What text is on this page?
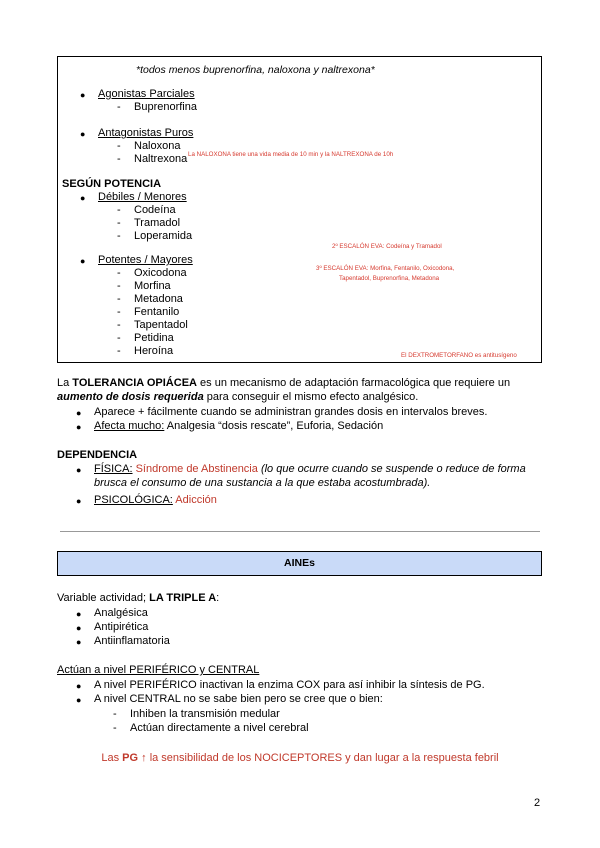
*todos menos buprenorfina, naloxona y naltrexona*
● Agonistas Parciales
- Buprenorfina
● Antagonistas Puros
- Naloxona
- Naltrexona La NALOXONA tiene una vida media de 10 min y la NALTREXONA de 10h
SEGÚN POTENCIA
● Débiles / Menores
- Codeína
- Tramadol
- Loperamida
2º ESCALÓN EVA: Codeína y Tramadol
● Potentes / Mayores
- Oxicodona
- Morfina
- Metadona
- Fentanilo
- Tapentadol
- Petidina
- Heroína
3º ESCALÓN EVA: Morfina, Fentanilo, Oxicodona,
Tapentadol, Buprenorfina, Metadona
El DEXTROMETORFANO es antitusígeno
La TOLERANCIA OPIÁCEA es un mecanismo de adaptación farmacológica que requiere un
aumento de dosis requerida para conseguir el mismo efecto analgésico.
● Aparece + fácilmente cuando se administran grandes dosis en intervalos breves.
● Afecta mucho: Analgesia “dosis rescate”, Euforia, Sedación
DEPENDENCIA
● FÍSICA: Síndrome de Abstinencia (lo que ocurre cuando se suspende o reduce de forma
brusca el consumo de una sustancia a la que estaba acostumbrada).
● PSICOLÓGICA: Adicción
AINEs
Variable actividad; LA TRIPLE A:
● Analgésica
● Antipirética
● Antiinflamatoria
Actúan a nivel PERIFÉRICO y CENTRAL
● A nivel PERIFÉRICO inactivan la enzima COX para así inhibir la síntesis de PG.
● A nivel CENTRAL no se sabe bien pero se cree que o bien:
- Inhiben la transmisión medular
- Actúan directamente a nivel cerebral
Las PG ↑ la sensibilidad de los NOCICEPTORES y dan lugar a la respuesta febril
2
